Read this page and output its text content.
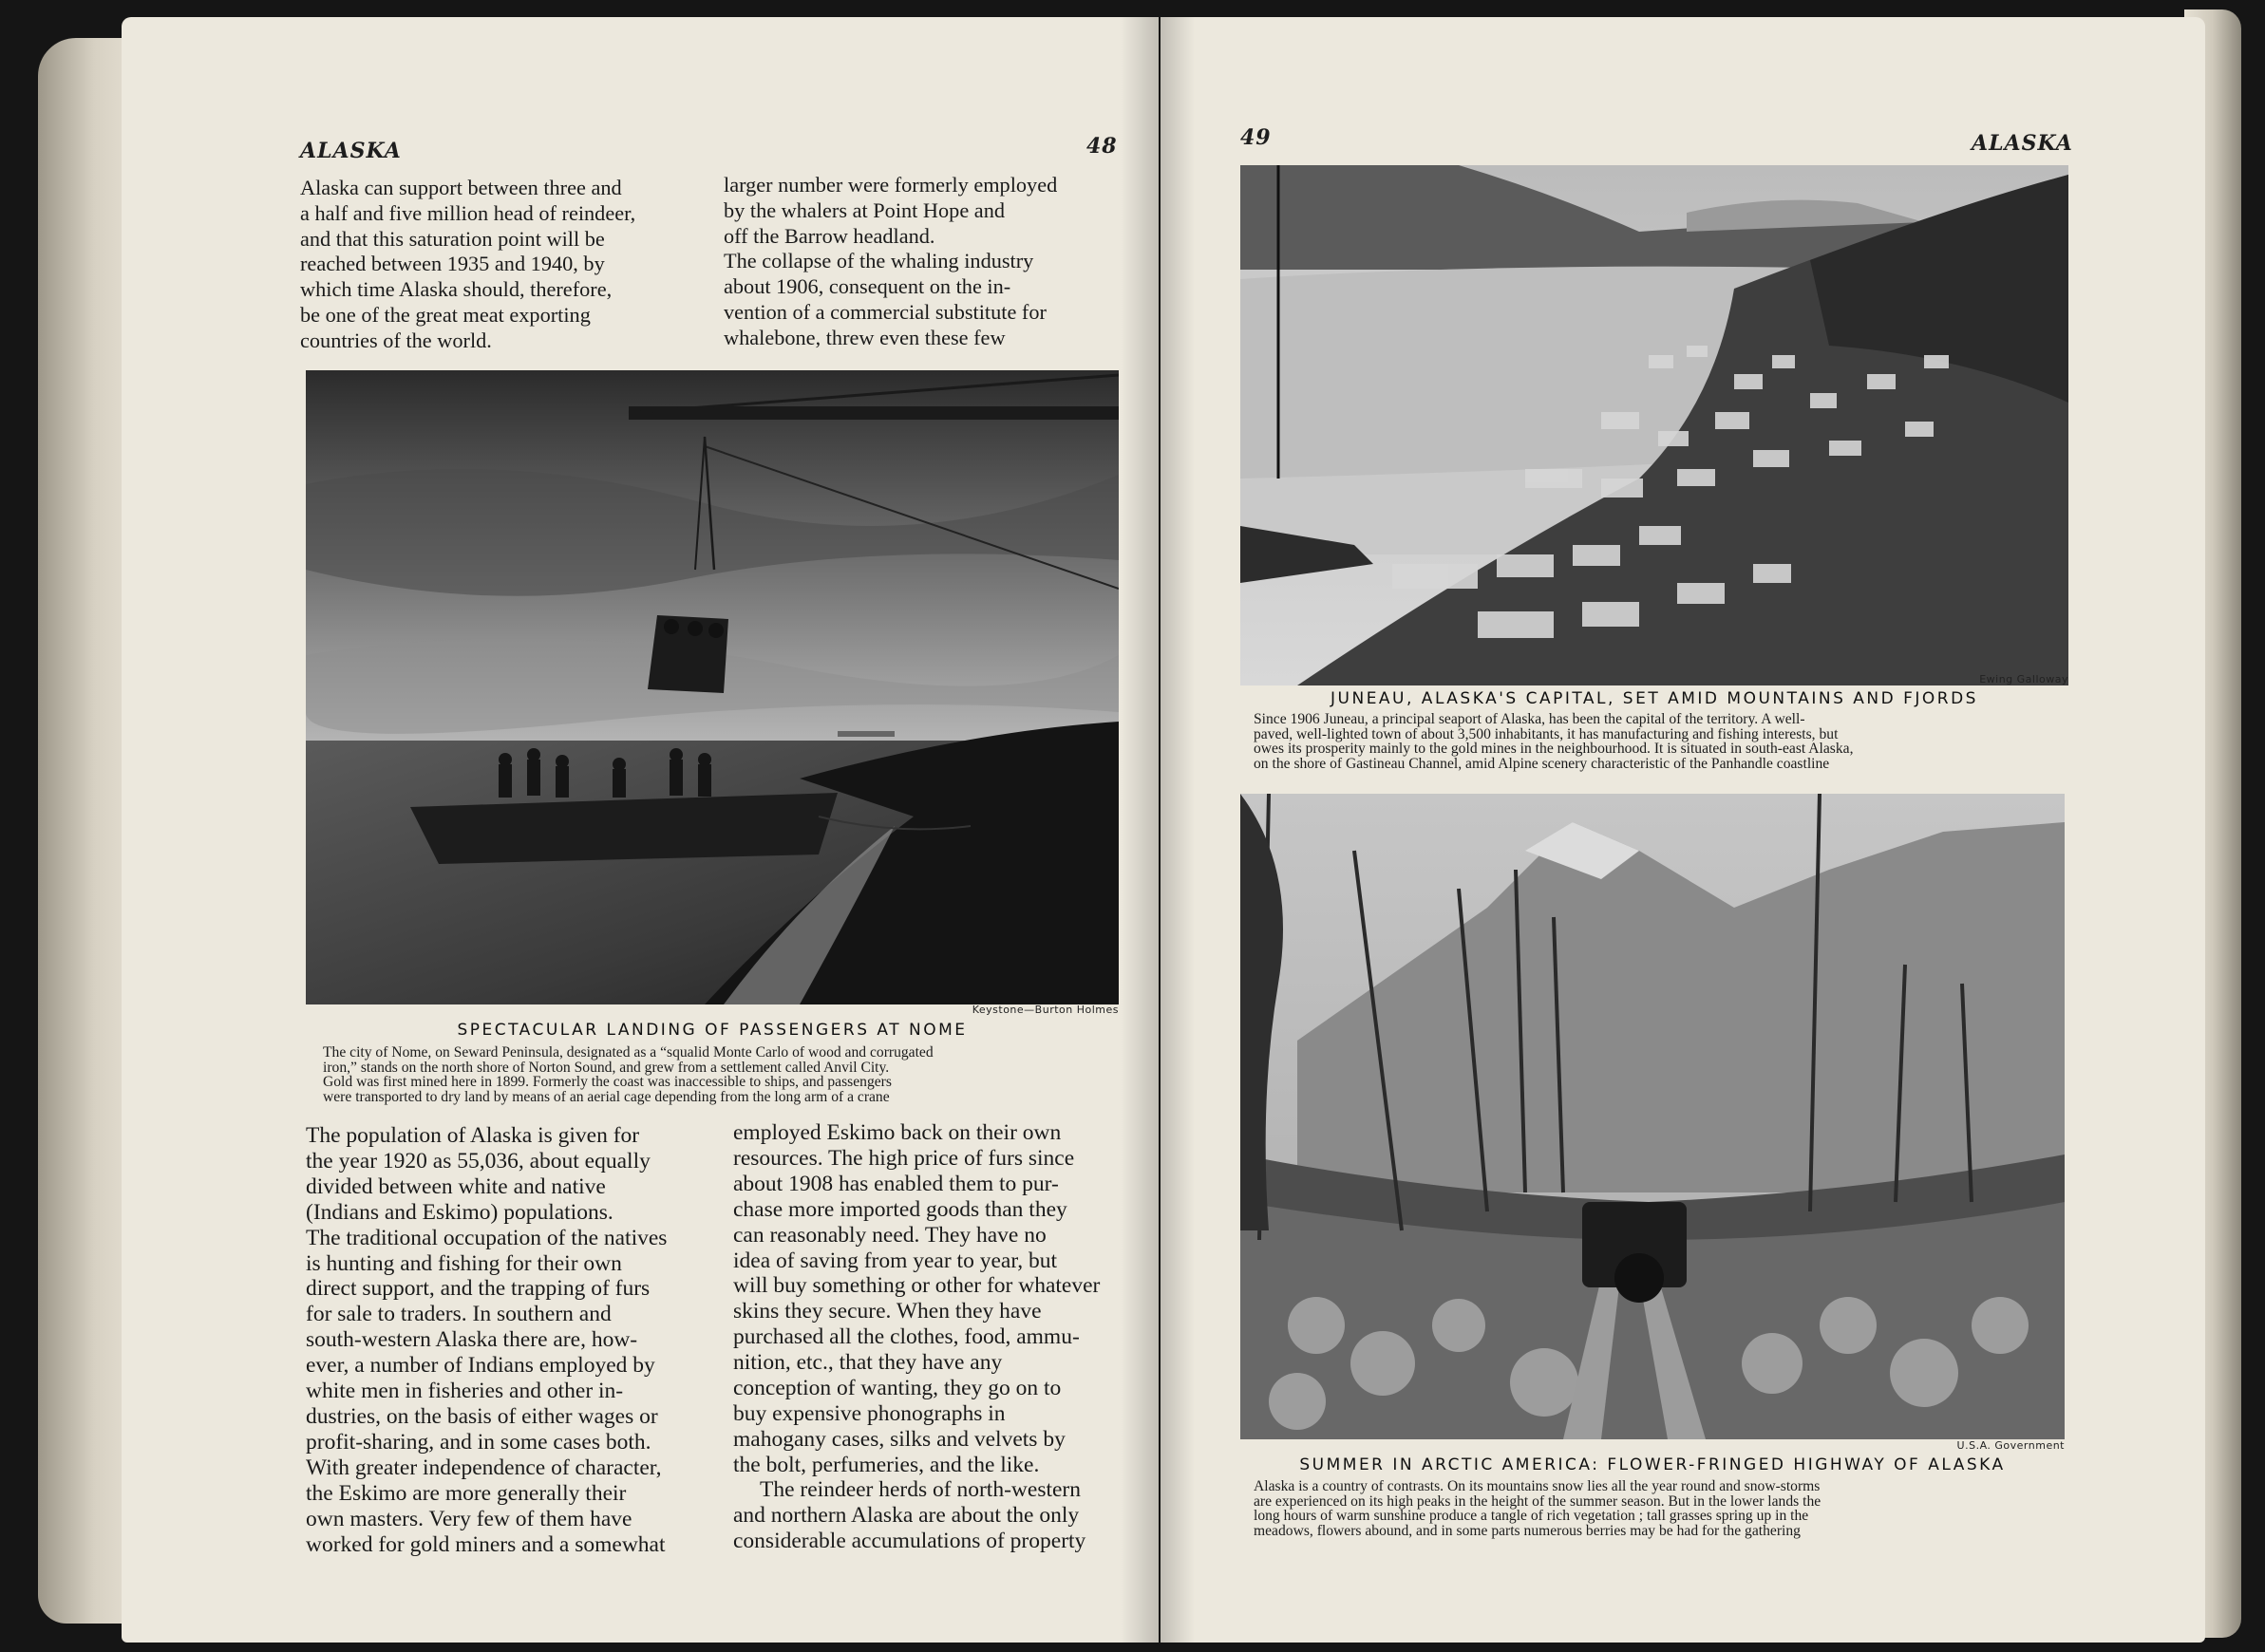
ALASKA	48
Alaska can support between three and
a half and five million head of reindeer,
and that this saturation point will be
reached between 1935 and 1940, by
which time Alaska should, therefore,
be one of the great meat exporting
countries of the world.
larger number were formerly employed
by the whalers at Point Hope and
off the Barrow headland.
The collapse of the whaling industry
about 1906, consequent on the in-
vention of a commercial substitute for
whalebone, threw even these few
Keystone—Burton Holmes
SPECTACULAR LANDING OF PASSENGERS AT NOME
The city of Nome, on Seward Peninsula, designated as a “squalid Monte Carlo of wood and corrugated
iron,” stands on the north shore of Norton Sound, and grew from a settlement called Anvil City.
Gold was first mined here in 1899. Formerly the coast was inaccessible to ships, and passengers
were transported to dry land by means of an aerial cage depending from the long arm of a crane
The population of Alaska is given for
the year 1920 as 55,036, about equally
divided between white and native
(Indians and Eskimo) populations.
The traditional occupation of the natives
is hunting and fishing for their own
direct support, and the trapping of furs
for sale to traders. In southern and
south-western Alaska there are, how-
ever, a number of Indians employed by
white men in fisheries and other in-
dustries, on the basis of either wages or
profit-sharing, and in some cases both.
With greater independence of character,
the Eskimo are more generally their
own masters. Very few of them have
worked for gold miners and a somewhat
employed Eskimo back on their own
resources. The high price of furs since
about 1908 has enabled them to pur-
chase more imported goods than they
can reasonably need. They have no
idea of saving from year to year, but
will buy something or other for whatever
skins they secure. When they have
purchased all the clothes, food, ammu-
nition, etc., that they have any
conception of wanting, they go on to
buy expensive phonographs in
mahogany cases, silks and velvets by
the bolt, perfumeries, and the like.
The reindeer herds of north-western
and northern Alaska are about the only
considerable accumulations of property
49	ALASKA
Ewing Galloway
JUNEAU, ALASKA'S CAPITAL, SET AMID MOUNTAINS AND FJORDS
Since 1906 Juneau, a principal seaport of Alaska, has been the capital of the territory. A well-
paved, well-lighted town of about 3,500 inhabitants, it has manufacturing and fishing interests, but
owes its prosperity mainly to the gold mines in the neighbourhood. It is situated in south-east Alaska,
on the shore of Gastineau Channel, amid Alpine scenery characteristic of the Panhandle coastline
U.S.A. Government
SUMMER IN ARCTIC AMERICA: FLOWER-FRINGED HIGHWAY OF ALASKA
Alaska is a country of contrasts. On its mountains snow lies all the year round and snow-storms
are experienced on its high peaks in the height of the summer season. But in the lower lands the
long hours of warm sunshine produce a tangle of rich vegetation ; tall grasses spring up in the
meadows, flowers abound, and in some parts numerous berries may be had for the gathering
